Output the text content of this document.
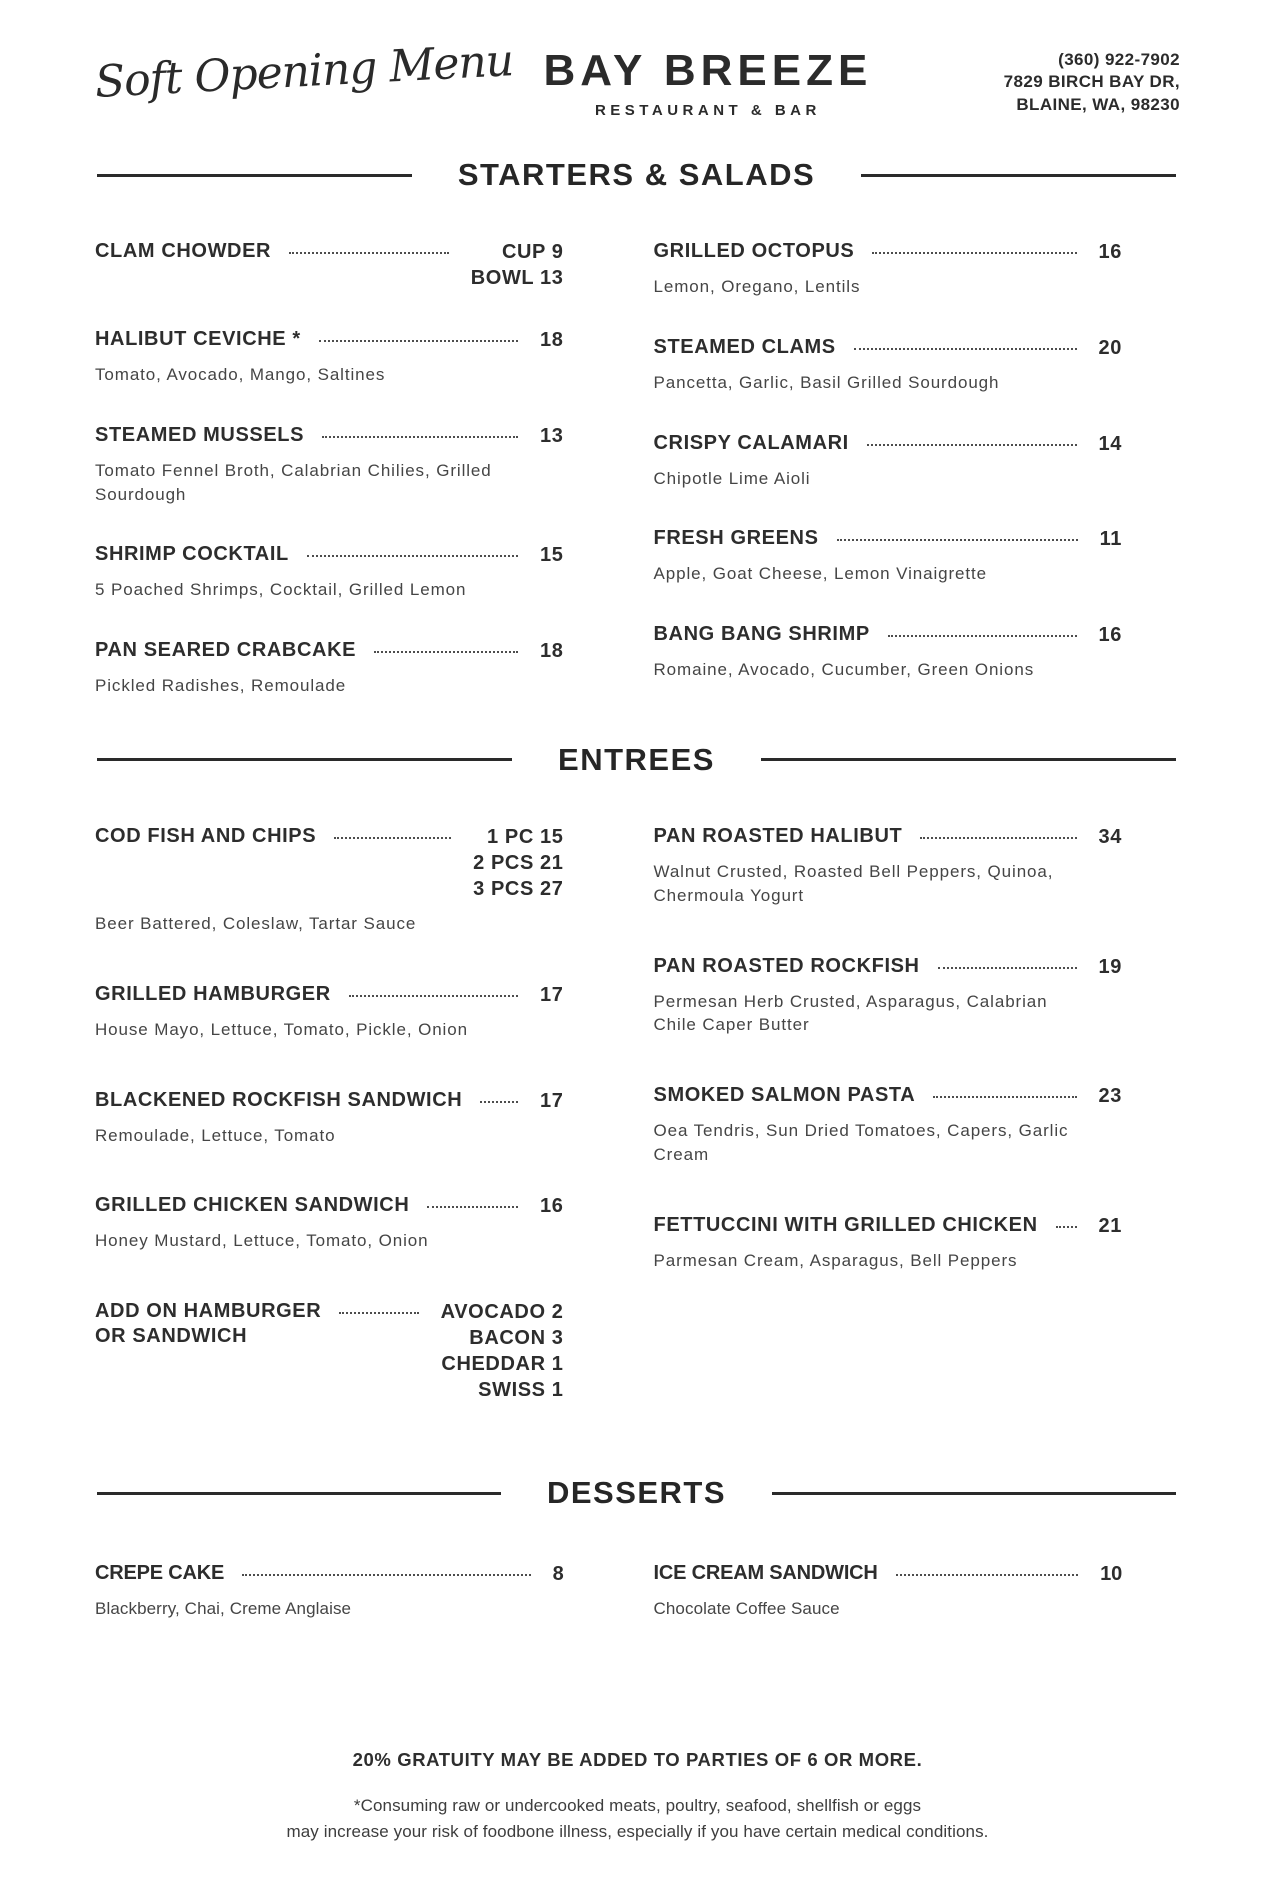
Soft Opening Menu BAY BREEZE
RESTAURANT & BAR
(360) 922-7902
7829 BIRCH BAY DR,
BLAINE, WA, 98230
STARTERS & SALADS
CLAM CHOWDER	CUP 9
BOWL 13
HALIBUT CEVICHE *	18
Tomato, Avocado, Mango, Saltines
STEAMED MUSSELS	13
Tomato Fennel Broth, Calabrian Chilies, Grilled Sourdough
SHRIMP COCKTAIL	15
5 Poached Shrimps, Cocktail, Grilled Lemon
PAN SEARED CRABCAKE	18
Pickled Radishes, Remoulade
GRILLED OCTOPUS	16
Lemon, Oregano, Lentils
STEAMED CLAMS	20
Pancetta, Garlic, Basil Grilled Sourdough
CRISPY CALAMARI	14
Chipotle Lime Aioli
FRESH GREENS	11
Apple, Goat Cheese, Lemon Vinaigrette
BANG BANG SHRIMP	16
Romaine, Avocado, Cucumber, Green Onions
ENTREES
COD FISH AND CHIPS	1 PC 15
2 PCS 21
3 PCS 27
Beer Battered, Coleslaw, Tartar Sauce
GRILLED HAMBURGER	17
House Mayo, Lettuce, Tomato, Pickle, Onion
BLACKENED ROCKFISH SANDWICH	17
Remoulade, Lettuce, Tomato
GRILLED CHICKEN SANDWICH	16
Honey Mustard, Lettuce, Tomato, Onion
ADD ON HAMBURGER
OR SANDWICH
AVOCADO 2
BACON 3
CHEDDAR 1
SWISS 1
PAN ROASTED HALIBUT	34
Walnut Crusted, Roasted Bell Peppers, Quinoa, Chermoula Yogurt
PAN ROASTED ROCKFISH	19
Permesan Herb Crusted, Asparagus, Calabrian Chile Caper Butter
SMOKED SALMON PASTA	23
Oea Tendris, Sun Dried Tomatoes, Capers, Garlic Cream
FETTUCCINI WITH GRILLED CHICKEN	21
Parmesan Cream, Asparagus, Bell Peppers
DESSERTS
CREPE CAKE	8
Blackberry, Chai, Creme Anglaise
ICE CREAM SANDWICH	10
Chocolate Coffee Sauce
20% GRATUITY MAY BE ADDED TO PARTIES OF 6 OR MORE.
*Consuming raw or undercooked meats, poultry, seafood, shellfish or eggs
may increase your risk of foodbone illness, especially if you have certain medical conditions.
